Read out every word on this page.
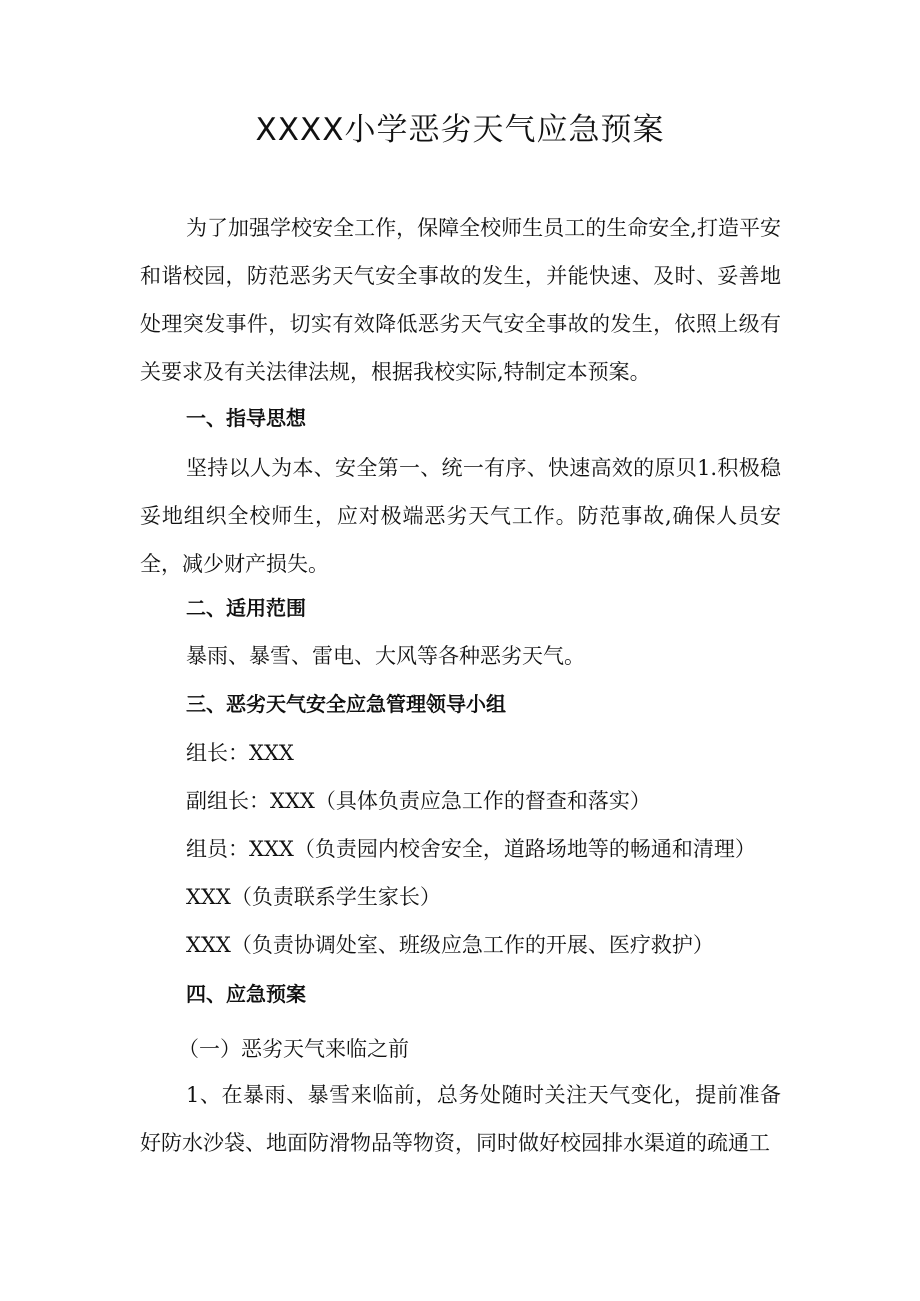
XXXX小学恶劣天气应急预案
为了加强学校安全工作，保障全校师生员工的生命安全,打造平安和谐校园，防范恶劣天气安全事故的发生，并能快速、及时、妥善地处理突发事件，切实有效降低恶劣天气安全事故的发生，依照上级有关要求及有关法律法规，根据我校实际,特制定本预案。
一、指导思想
坚持以人为本、安全第一、统一有序、快速高效的原贝1.积极稳妥地组织全校师生，应对极端恶劣天气工作。防范事故,确保人员安全，减少财产损失。
二、适用范围
暴雨、暴雪、雷电、大风等各种恶劣天气。
三、恶劣天气安全应急管理领导小组
组长：XXX
副组长：XXX（具体负责应急工作的督查和落实）
组员：XXX（负责园内校舍安全，道路场地等的畅通和清理）
XXX（负责联系学生家长）
XXX（负责协调处室、班级应急工作的开展、医疗救护）
四、应急预案
（一）恶劣天气来临之前
1、在暴雨、暴雪来临前，总务处随时关注天气变化，提前准备好防水沙袋、地面防滑物品等物资，同时做好校园排水渠道的疏通工
